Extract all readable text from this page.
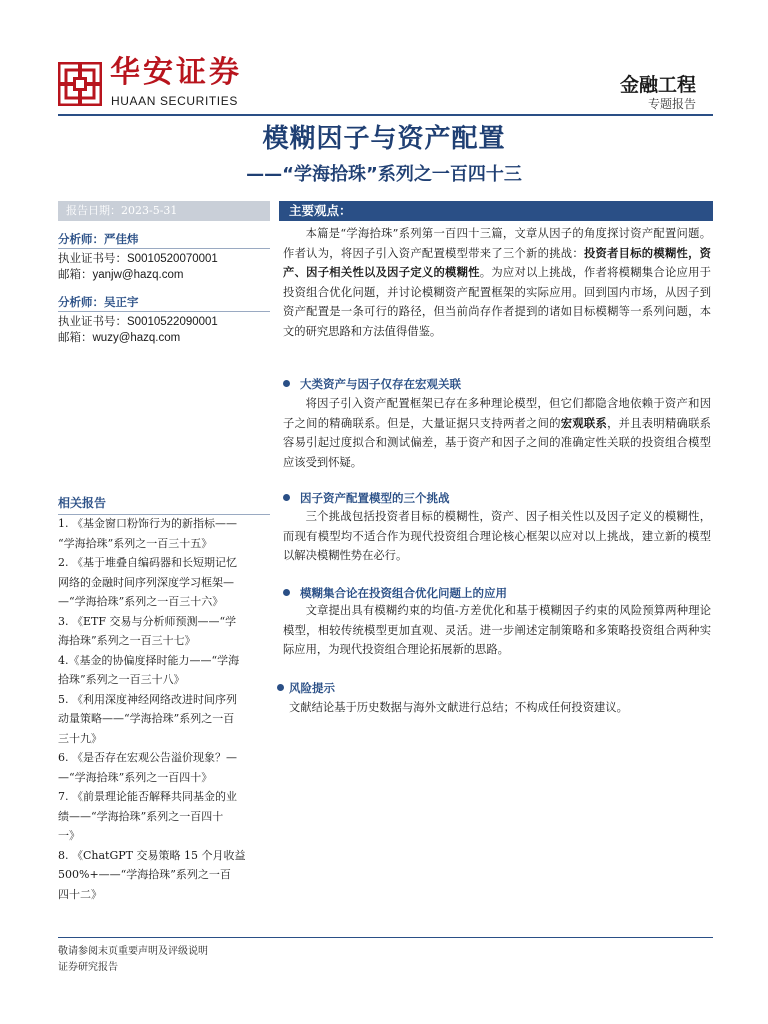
华安证券
HUAAN SECURITIES
金融工程
专题报告
模糊因子与资产配置
——“学海拾珠”系列之一百四十三
报告日期：2023-5-31
分析师：严佳炜
执业证书号：S0010520070001
邮箱：yanjw@hazq.com
分析师：吴正宇
执业证书号：S0010522090001
邮箱：wuzy@hazq.com
相关报告
1. 《基金窗口粉饰行为的新指标——
“学海拾珠”系列之一百三十五》
2. 《基于堆叠自编码器和长短期记忆
网络的金融时间序列深度学习框架—
—“学海拾珠”系列之一百三十六》
3. 《ETF 交易与分析师预测——“学
海拾珠”系列之一百三十七》
4.《基金的协偏度择时能力——“学海
拾珠”系列之一百三十八》
5. 《利用深度神经网络改进时间序列
动量策略——“学海拾珠”系列之一百
三十九》
6. 《是否存在宏观公告溢价现象？—
—“学海拾珠”系列之一百四十》
7. 《前景理论能否解释共同基金的业
绩——“学海拾珠”系列之一百四十
一》
8. 《ChatGPT 交易策略 15 个月收益
500%+——“学海拾珠”系列之一百
四十二》
主要观点：
本篇是“学海拾珠”系列第一百四十三篇，文章从因子的角度探讨资产配置问题。作者认为，将因子引入资产配置模型带来了三个新的挑战：投资者目标的模糊性，资产、因子相关性以及因子定义的模糊性。为应对以上挑战，作者将模糊集合论应用于投资组合优化问题，并讨论模糊资产配置框架的实际应用。回到国内市场，从因子到资产配置是一条可行的路径，但当前尚存作者提到的诸如目标模糊等一系列问题，本文的研究思路和方法值得借鉴。
大类资产与因子仅存在宏观关联
将因子引入资产配置框架已存在多种理论模型，但它们都隐含地依赖于资产和因子之间的精确联系。但是，大量证据只支持两者之间的宏观联系，并且表明精确联系容易引起过度拟合和测试偏差，基于资产和因子之间的准确定性关联的投资组合模型应该受到怀疑。
因子资产配置模型的三个挑战
三个挑战包括投资者目标的模糊性，资产、因子相关性以及因子定义的模糊性，而现有模型均不适合作为现代投资组合理论核心框架以应对以上挑战，建立新的模型以解决模糊性势在必行。
模糊集合论在投资组合优化问题上的应用
文章提出具有模糊约束的均值-方差优化和基于模糊因子约束的风险预算两种理论模型，相较传统模型更加直观、灵活。进一步阐述定制策略和多策略投资组合两种实际应用，为现代投资组合理论拓展新的思路。
风险提示
文献结论基于历史数据与海外文献进行总结；不构成任何投资建议。
敬请参阅末页重要声明及评级说明
证券研究报告
